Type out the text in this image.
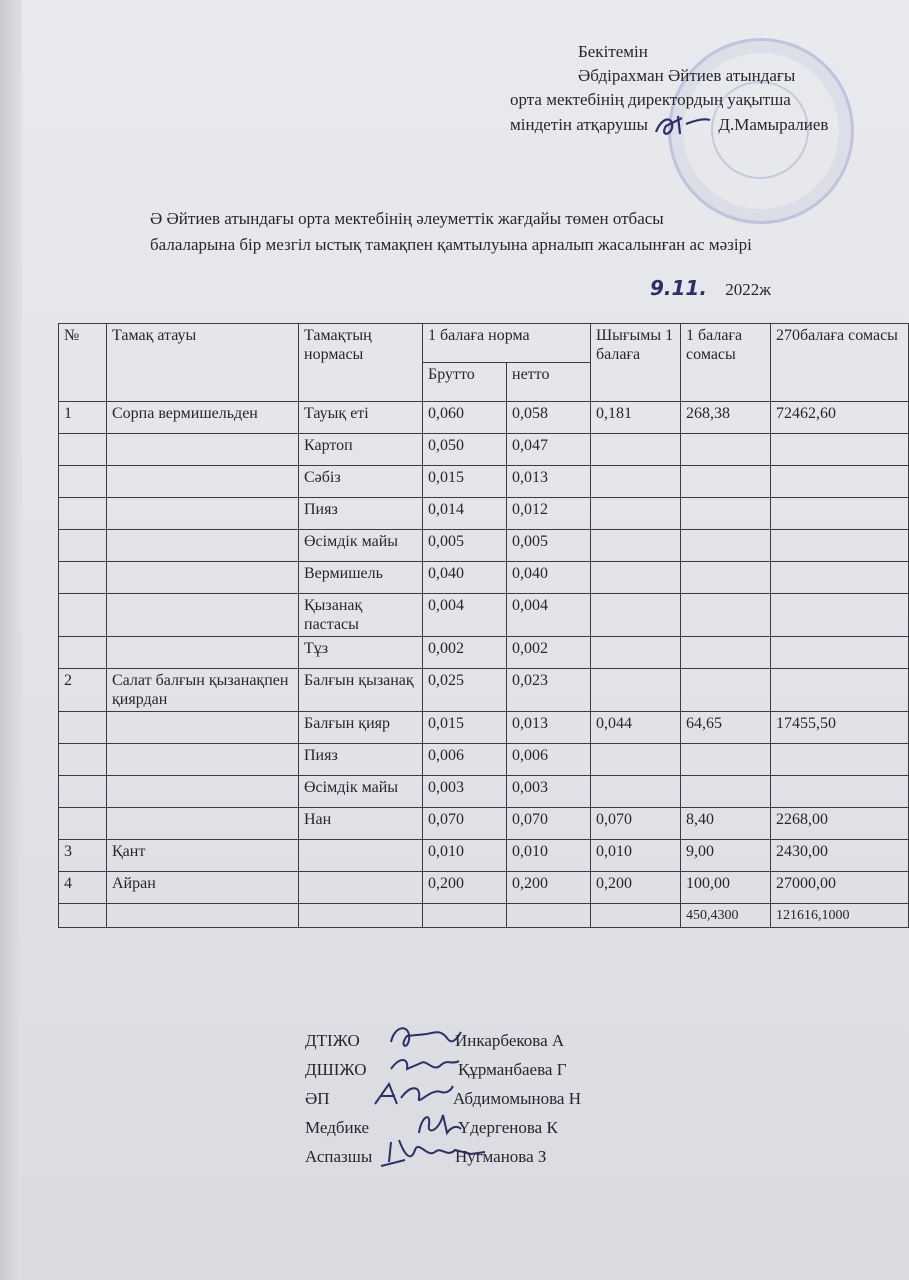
Бекітемін
Әбдірахман Әйтиев атындағы
орта мектебінің директордың уақытша
міндетін атқарушы	Д.Мамыралиев
Ә Әйтиев атындағы орта мектебінің әлеуметтік жағдайы төмен отбасы
балаларына бір мезгіл ыстық тамақпен қамтылуына арналып жасалынған ас мәзірі
9.11. 2022ж
№	Тамақ атауы	Тамақтың нормасы	1 балаға норма		Шығымы 1 балаға	1 балаға сомасы	270балаға сомасы
			Брутто	нетто			
1	Сорпа вермишельден	Тауық еті	0,060	0,058	0,181	268,38	72462,60
		Картоп	0,050	0,047			
		Сәбіз	0,015	0,013			
		Пияз	0,014	0,012			
		Өсімдік майы	0,005	0,005			
		Вермишель	0,040	0,040			
		Қызанақ пастасы	0,004	0,004			
		Тұз	0,002	0,002			
2	Салат балғын қызанақпен қиярдан	Балғын қызанақ	0,025	0,023			
		Балғын қияр	0,015	0,013	0,044	64,65	17455,50
		Пияз	0,006	0,006			
		Өсімдік майы	0,003	0,003			
		Нан	0,070	0,070	0,070	8,40	2268,00
3	Қант		0,010	0,010	0,010	9,00	2430,00
4	Айран		0,200	0,200	0,200	100,00	27000,00
						450,4300	121616,1000
ДТІЖО	Инкарбекова А
ДШІЖО	Құрманбаева Г
ӘП	Абдимомынова Н
Медбике	Үдергенова К
Аспазшы	Нугманова З
